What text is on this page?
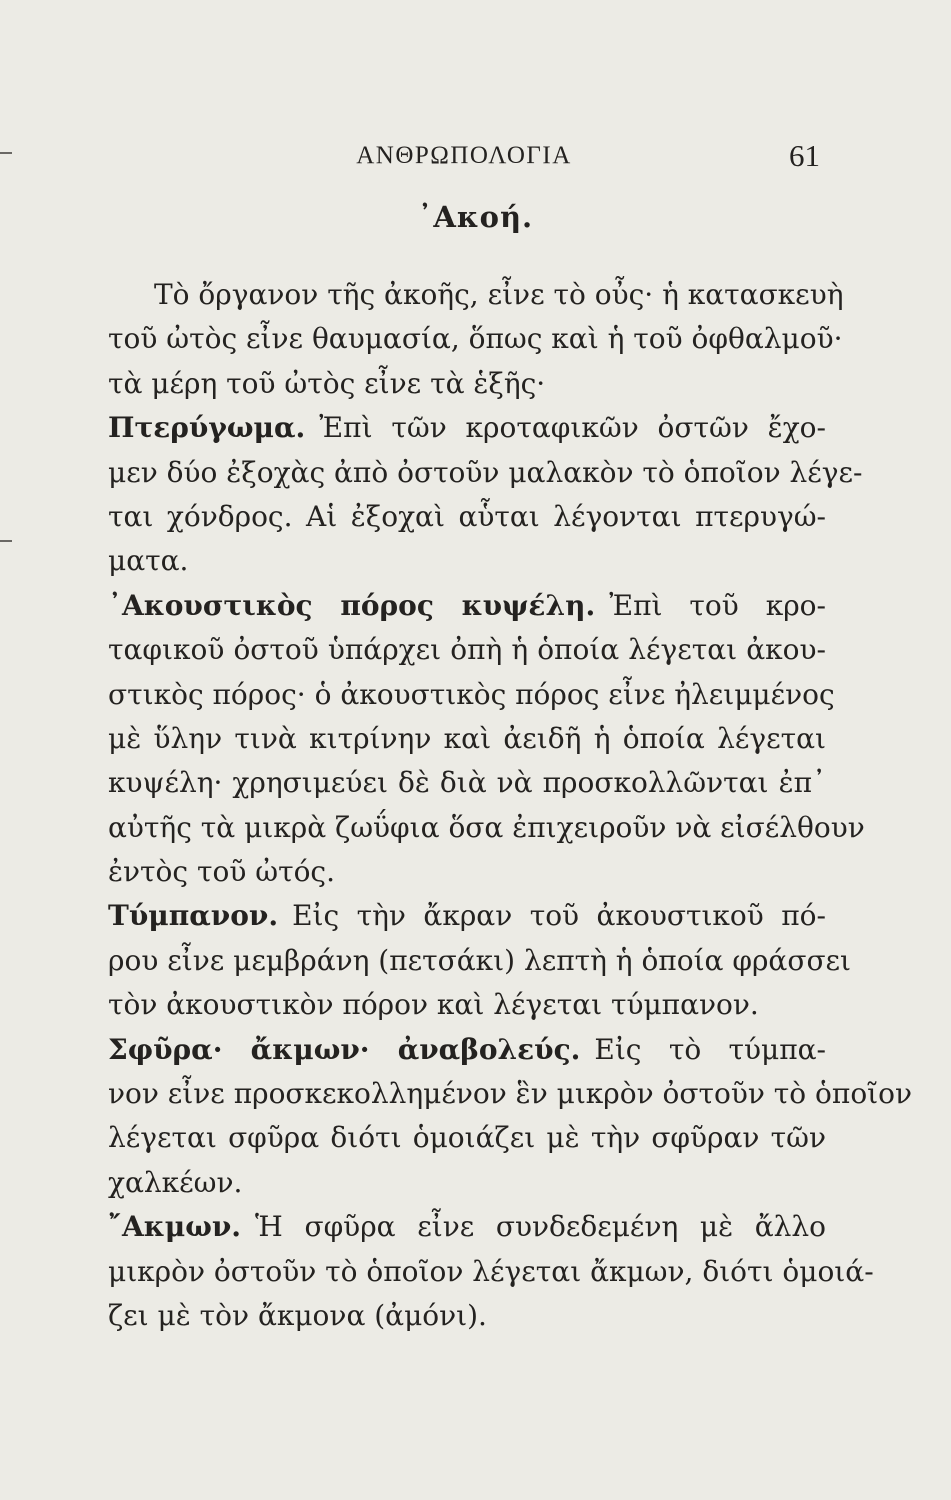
ΑΝΘΡΩΠΟΛΟΓΙΑ	61
᾿Ακοή.
Τὸ ὄργανον τῆς ἀκοῆς, εἶνε τὸ οὖς· ἡ κατασκευὴ
τοῦ ὠτὸς εἶνε θαυμασία, ὅπως καὶ ἡ τοῦ ὀφθαλμοῦ·
τὰ μέρη τοῦ ὠτὸς εἶνε τὰ ἑξῆς·
Πτερύγωμα. Ἐπὶ τῶν κροταφικῶν ὀστῶν ἔχο-
μεν δύο ἐξοχὰς ἀπὸ ὀστοῦν μαλακὸν τὸ ὁποῖον λέγε-
ται χόνδρος. Αἱ ἐξοχαὶ αὗται λέγονται πτερυγώ-
ματα.
᾿Ακουστικὸς πόρος κυψέλη. Ἐπὶ τοῦ κρο-
ταφικοῦ ὀστοῦ ὑπάρχει ὀπὴ ἡ ὁποία λέγεται ἀκου-
στικὸς πόρος· ὁ ἀκουστικὸς πόρος εἶνε ἠλειμμένος
μὲ ὕλην τινὰ κιτρίνην καὶ ἀειδῆ ἡ ὁποία λέγεται
κυψέλη· χρησιμεύει δὲ διὰ νὰ προσκολλῶνται ἐπ᾿
αὐτῆς τὰ μικρὰ ζωΰφια ὅσα ἐπιχειροῦν νὰ εἰσέλθουν
ἐντὸς τοῦ ὠτός.
Τύμπανον. Εἰς τὴν ἄκραν τοῦ ἀκουστικοῦ πό-
ρου εἶνε μεμβράνη (πετσάκι) λεπτὴ ἡ ὁποία φράσσει
τὸν ἀκουστικὸν πόρον καὶ λέγεται τύμπανον.
Σφῦρα· ἄκμων· ἀναβολεύς. Εἰς τὸ τύμπα-
νον εἶνε προσκεκολλημένον ἓν μικρὸν ὀστοῦν τὸ ὁποῖον
λέγεται σφῦρα διότι ὁμοιάζει μὲ τὴν σφῦραν τῶν
χαλκέων.
῎Ακμων. Ἡ σφῦρα εἶνε συνδεδεμένη μὲ ἄλλο
μικρὸν ὀστοῦν τὸ ὁποῖον λέγεται ἄκμων, διότι ὁμοιά-
ζει μὲ τὸν ἄκμονα (ἀμόνι).
